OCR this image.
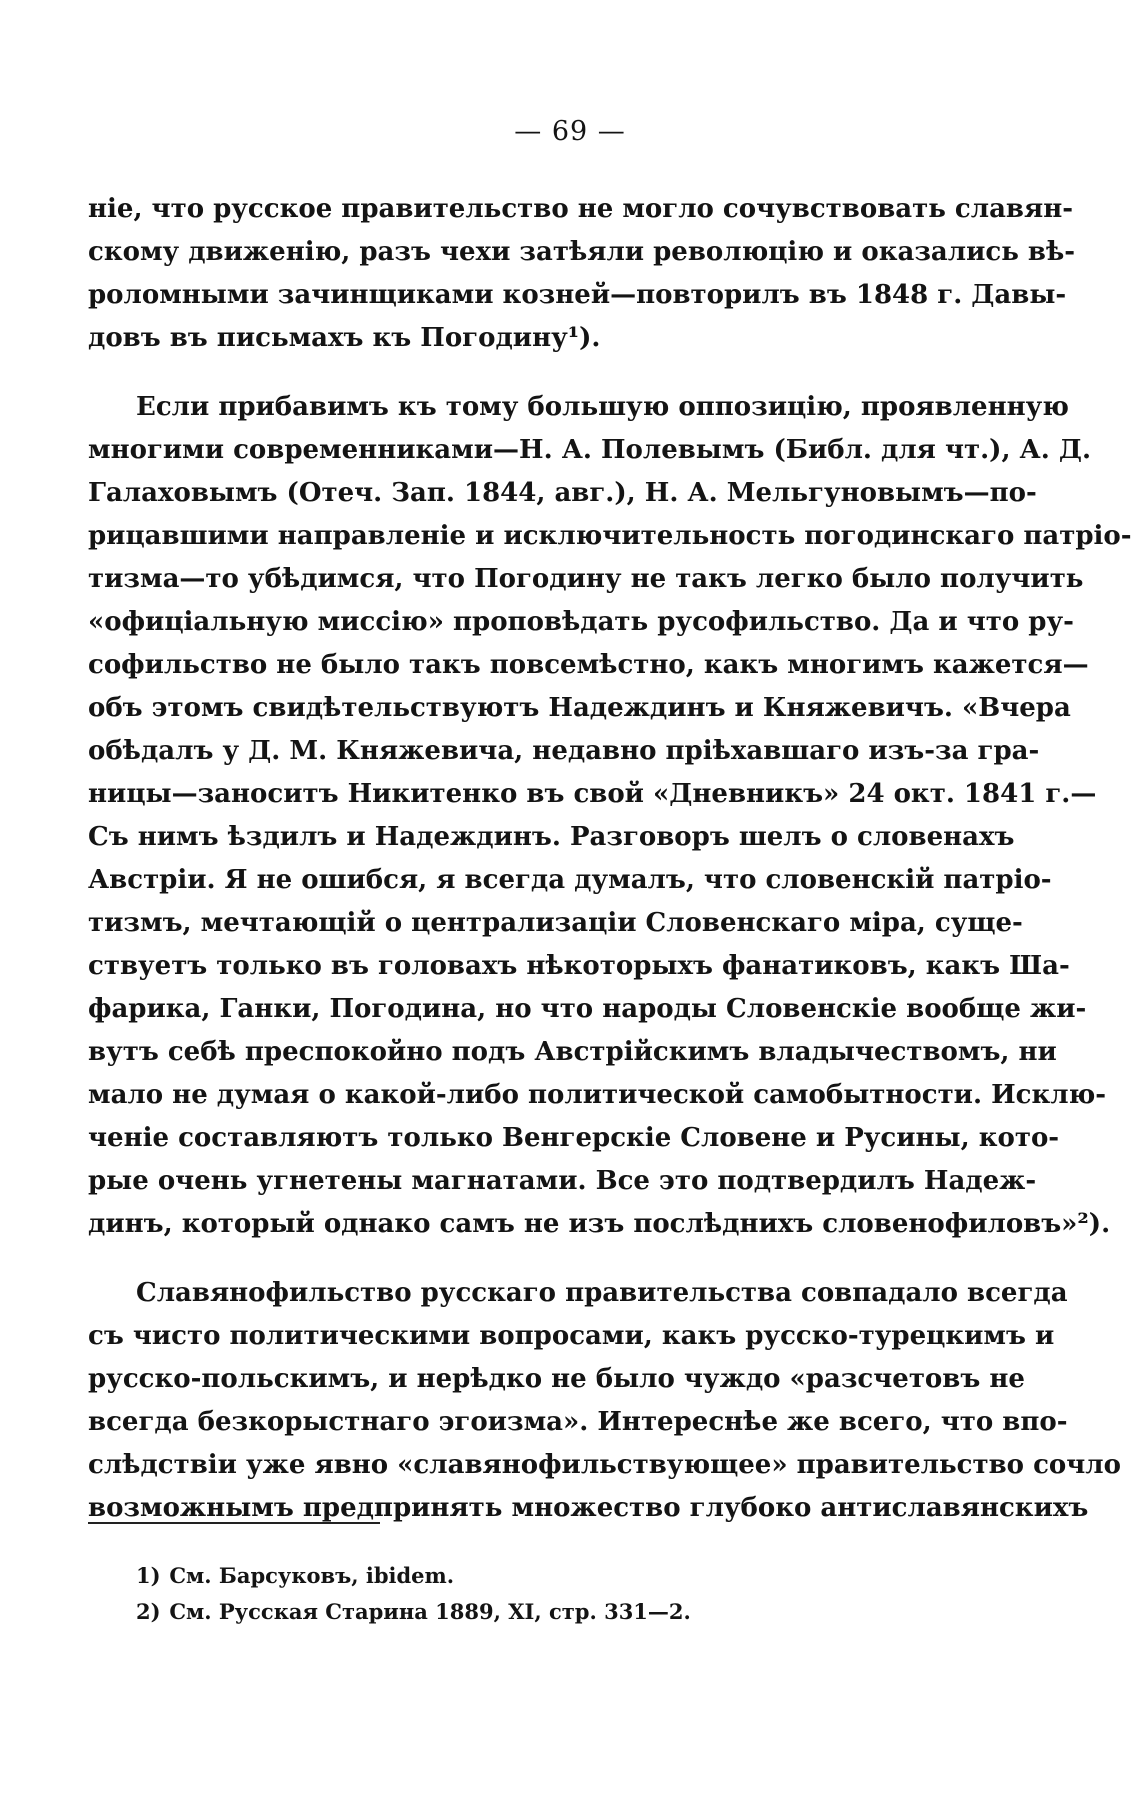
— 69 —
ніе, что русское правительство не могло сочувствовать славян-
скому движенію, разъ чехи затѣяли революцію и оказались вѣ-
роломными зачинщиками козней—повторилъ въ 1848 г. Давы-
довъ въ письмахъ къ Погодину¹).
Если прибавимъ къ тому большую оппозицію, проявленную
многими современниками—Н. А. Полевымъ (Библ. для чт.), А. Д.
Галаховымъ (Отеч. Зап. 1844, авг.), Н. А. Мельгуновымъ—по-
рицавшими направленіе и исключительность погодинскаго патріо-
тизма—то убѣдимся, что Погодину не такъ легко было получить
«офиціальную миссію» проповѣдать русофильство. Да и что ру-
софильство не было такъ повсемѣстно, какъ многимъ кажется—
объ этомъ свидѣтельствуютъ Надеждинъ и Княжевичъ. «Вчера
обѣдалъ у Д. М. Княжевича, недавно пріѣхавшаго изъ-за гра-
ницы—заноситъ Никитенко въ свой «Дневникъ» 24 окт. 1841 г.—
Съ нимъ ѣздилъ и Надеждинъ. Разговоръ шелъ о словенахъ
Австріи. Я не ошибся, я всегда думалъ, что словенскій патріо-
тизмъ, мечтающій о централизаціи Словенскаго міра, суще-
ствуетъ только въ головахъ нѣкоторыхъ фанатиковъ, какъ Ша-
фарика, Ганки, Погодина, но что народы Словенскіе вообще жи-
вутъ себѣ преспокойно подъ Австрійскимъ владычествомъ, ни
мало не думая о какой-либо политической самобытности. Исклю-
ченіе составляютъ только Венгерскіе Словене и Русины, кото-
рые очень угнетены магнатами. Все это подтвердилъ Надеж-
динъ, который однако самъ не изъ послѣднихъ словенофиловъ»²).
Славянофильство русскаго правительства совпадало всегда
съ чисто политическими вопросами, какъ русско-турецкимъ и
русско-польскимъ, и нерѣдко не было чуждо «разсчетовъ не
всегда безкорыстнаго эгоизма». Интереснѣе же всего, что впо-
слѣдствіи уже явно «славянофильствующее» правительство сочло
возможнымъ предпринять множество глубоко антиславянскихъ
1) См. Барсуковъ, ibidem.
2) См. Русская Старина 1889, XI, стр. 331—2.
